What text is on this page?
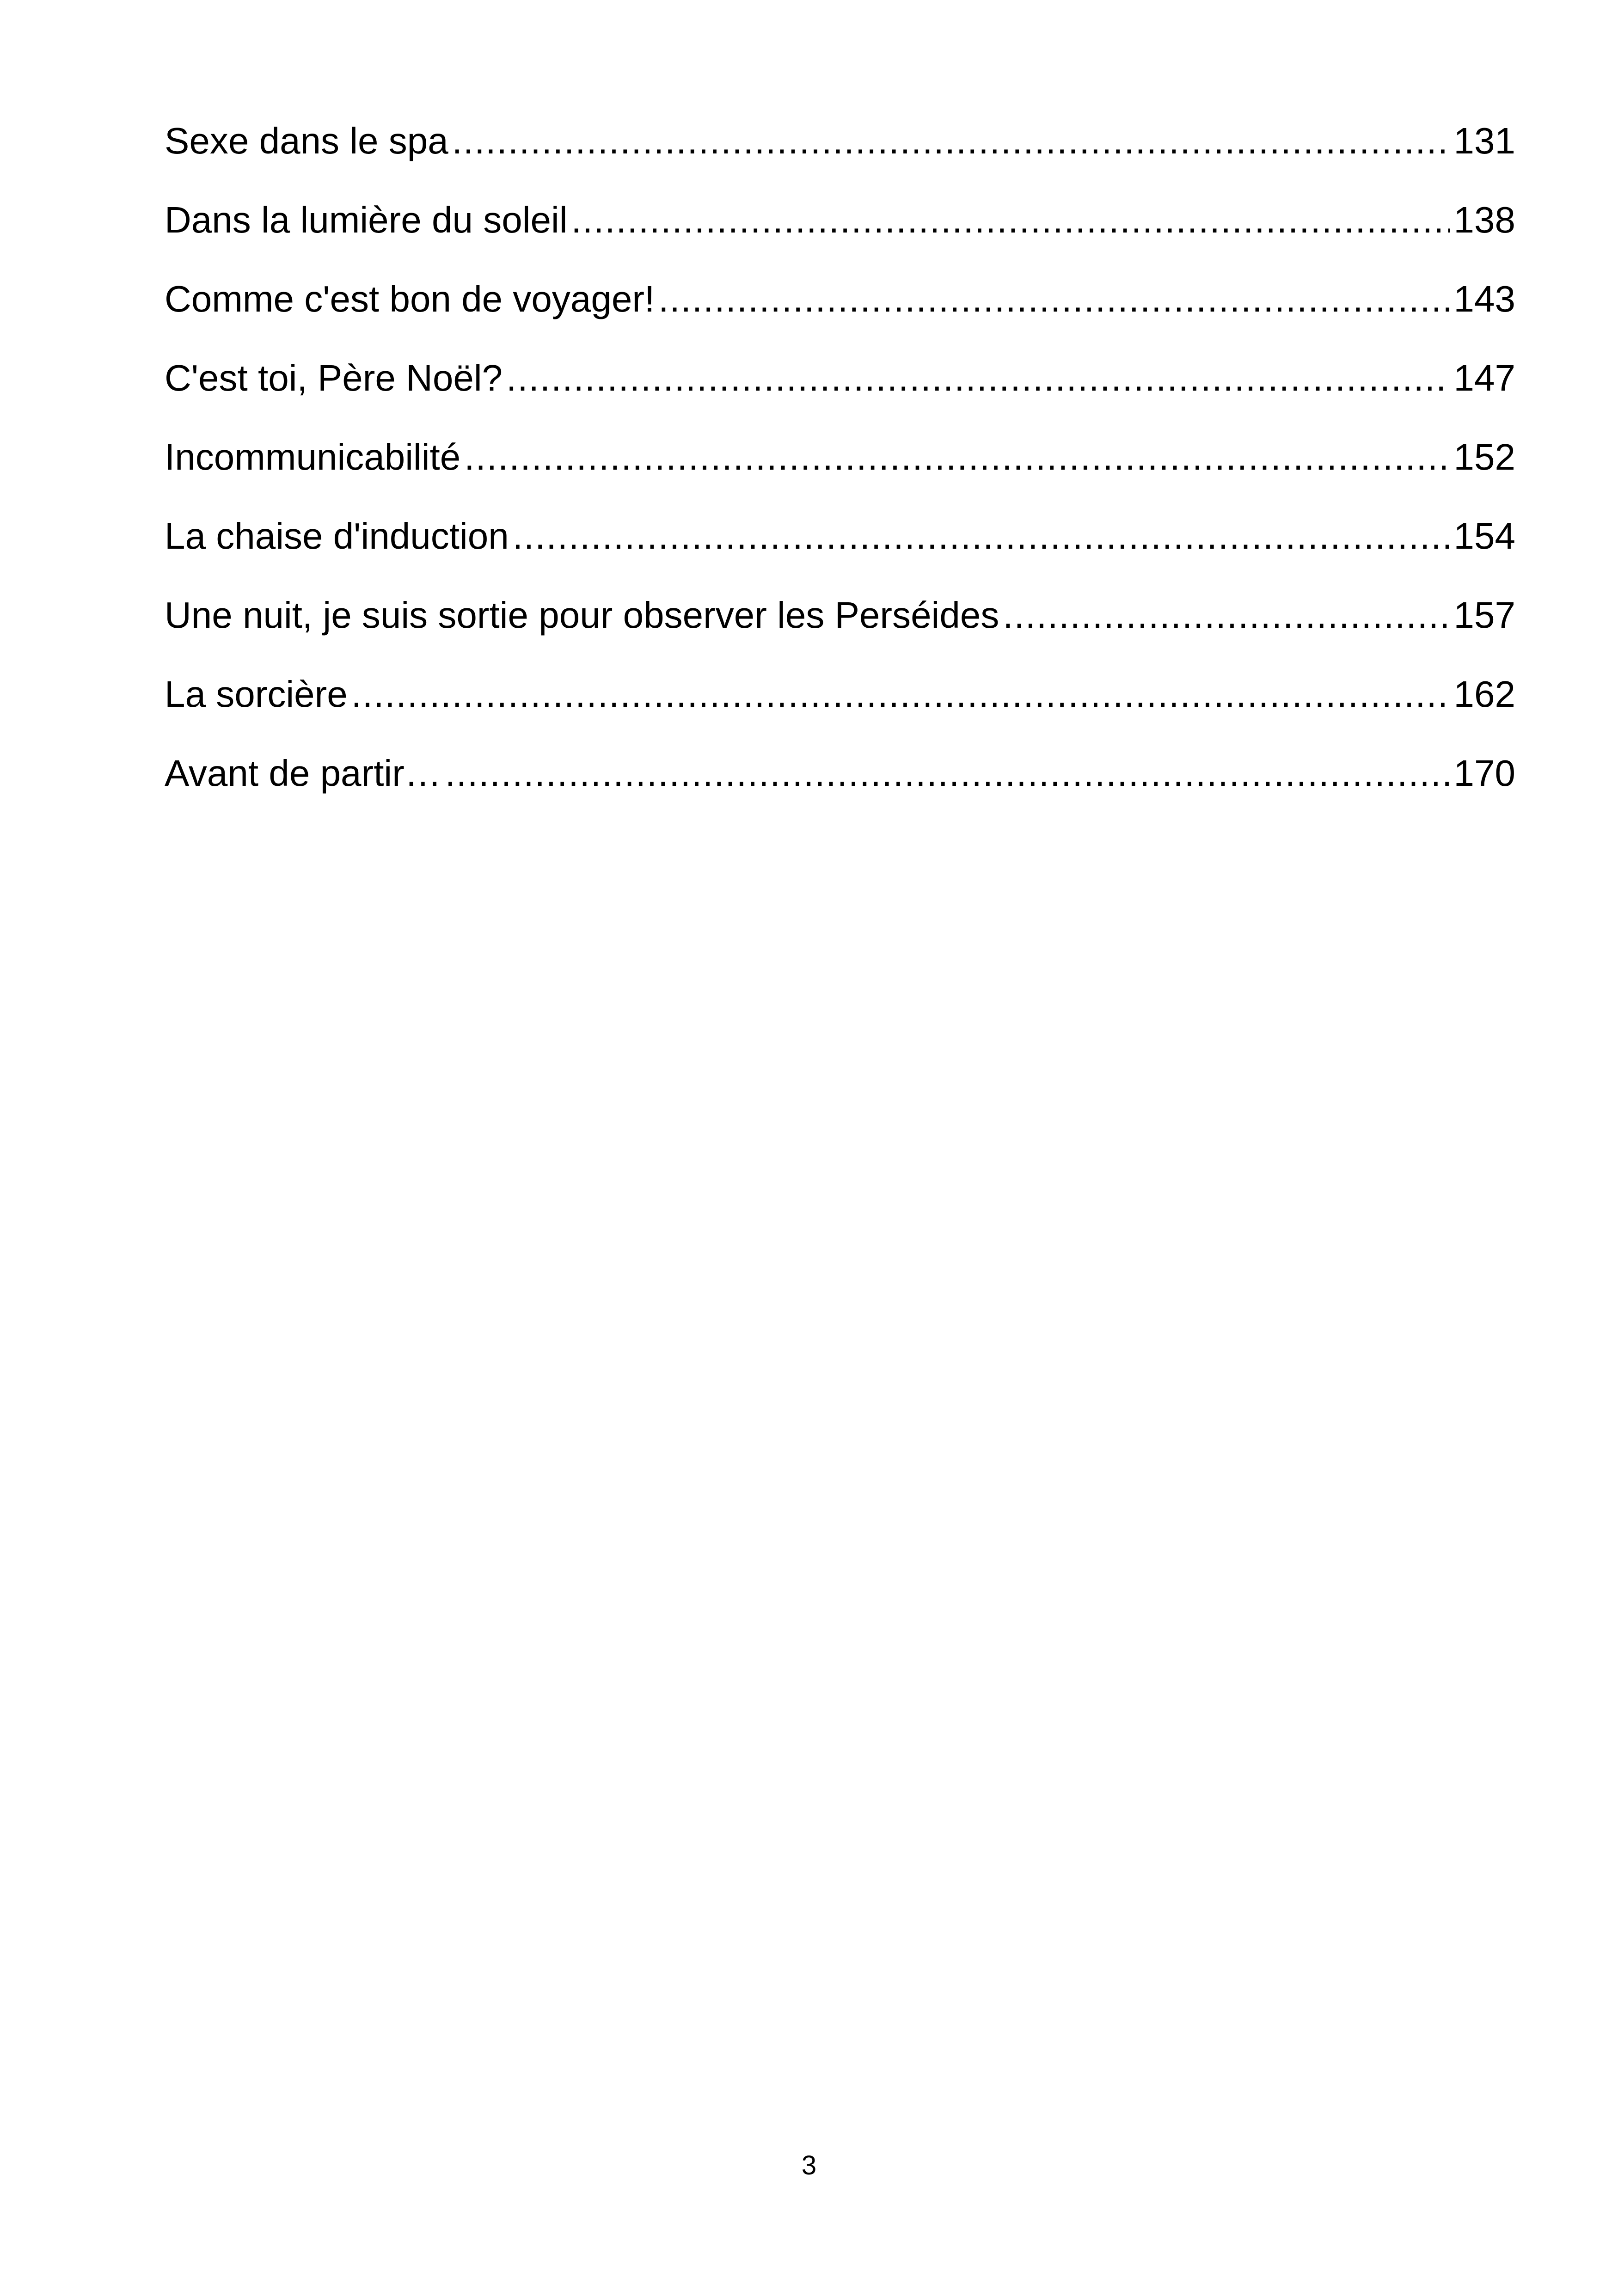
Sexe dans le spa .....	131
Dans la lumière du soleil .....	138
Comme c'est bon de voyager! .....	143
C'est toi, Père Noël? .....	147
Incommunicabilité .....	152
La chaise d'induction .....	154
Une nuit, je suis sortie pour observer les Perséides .....	157
La sorcière .....	162
Avant de partir… .....	170
3
